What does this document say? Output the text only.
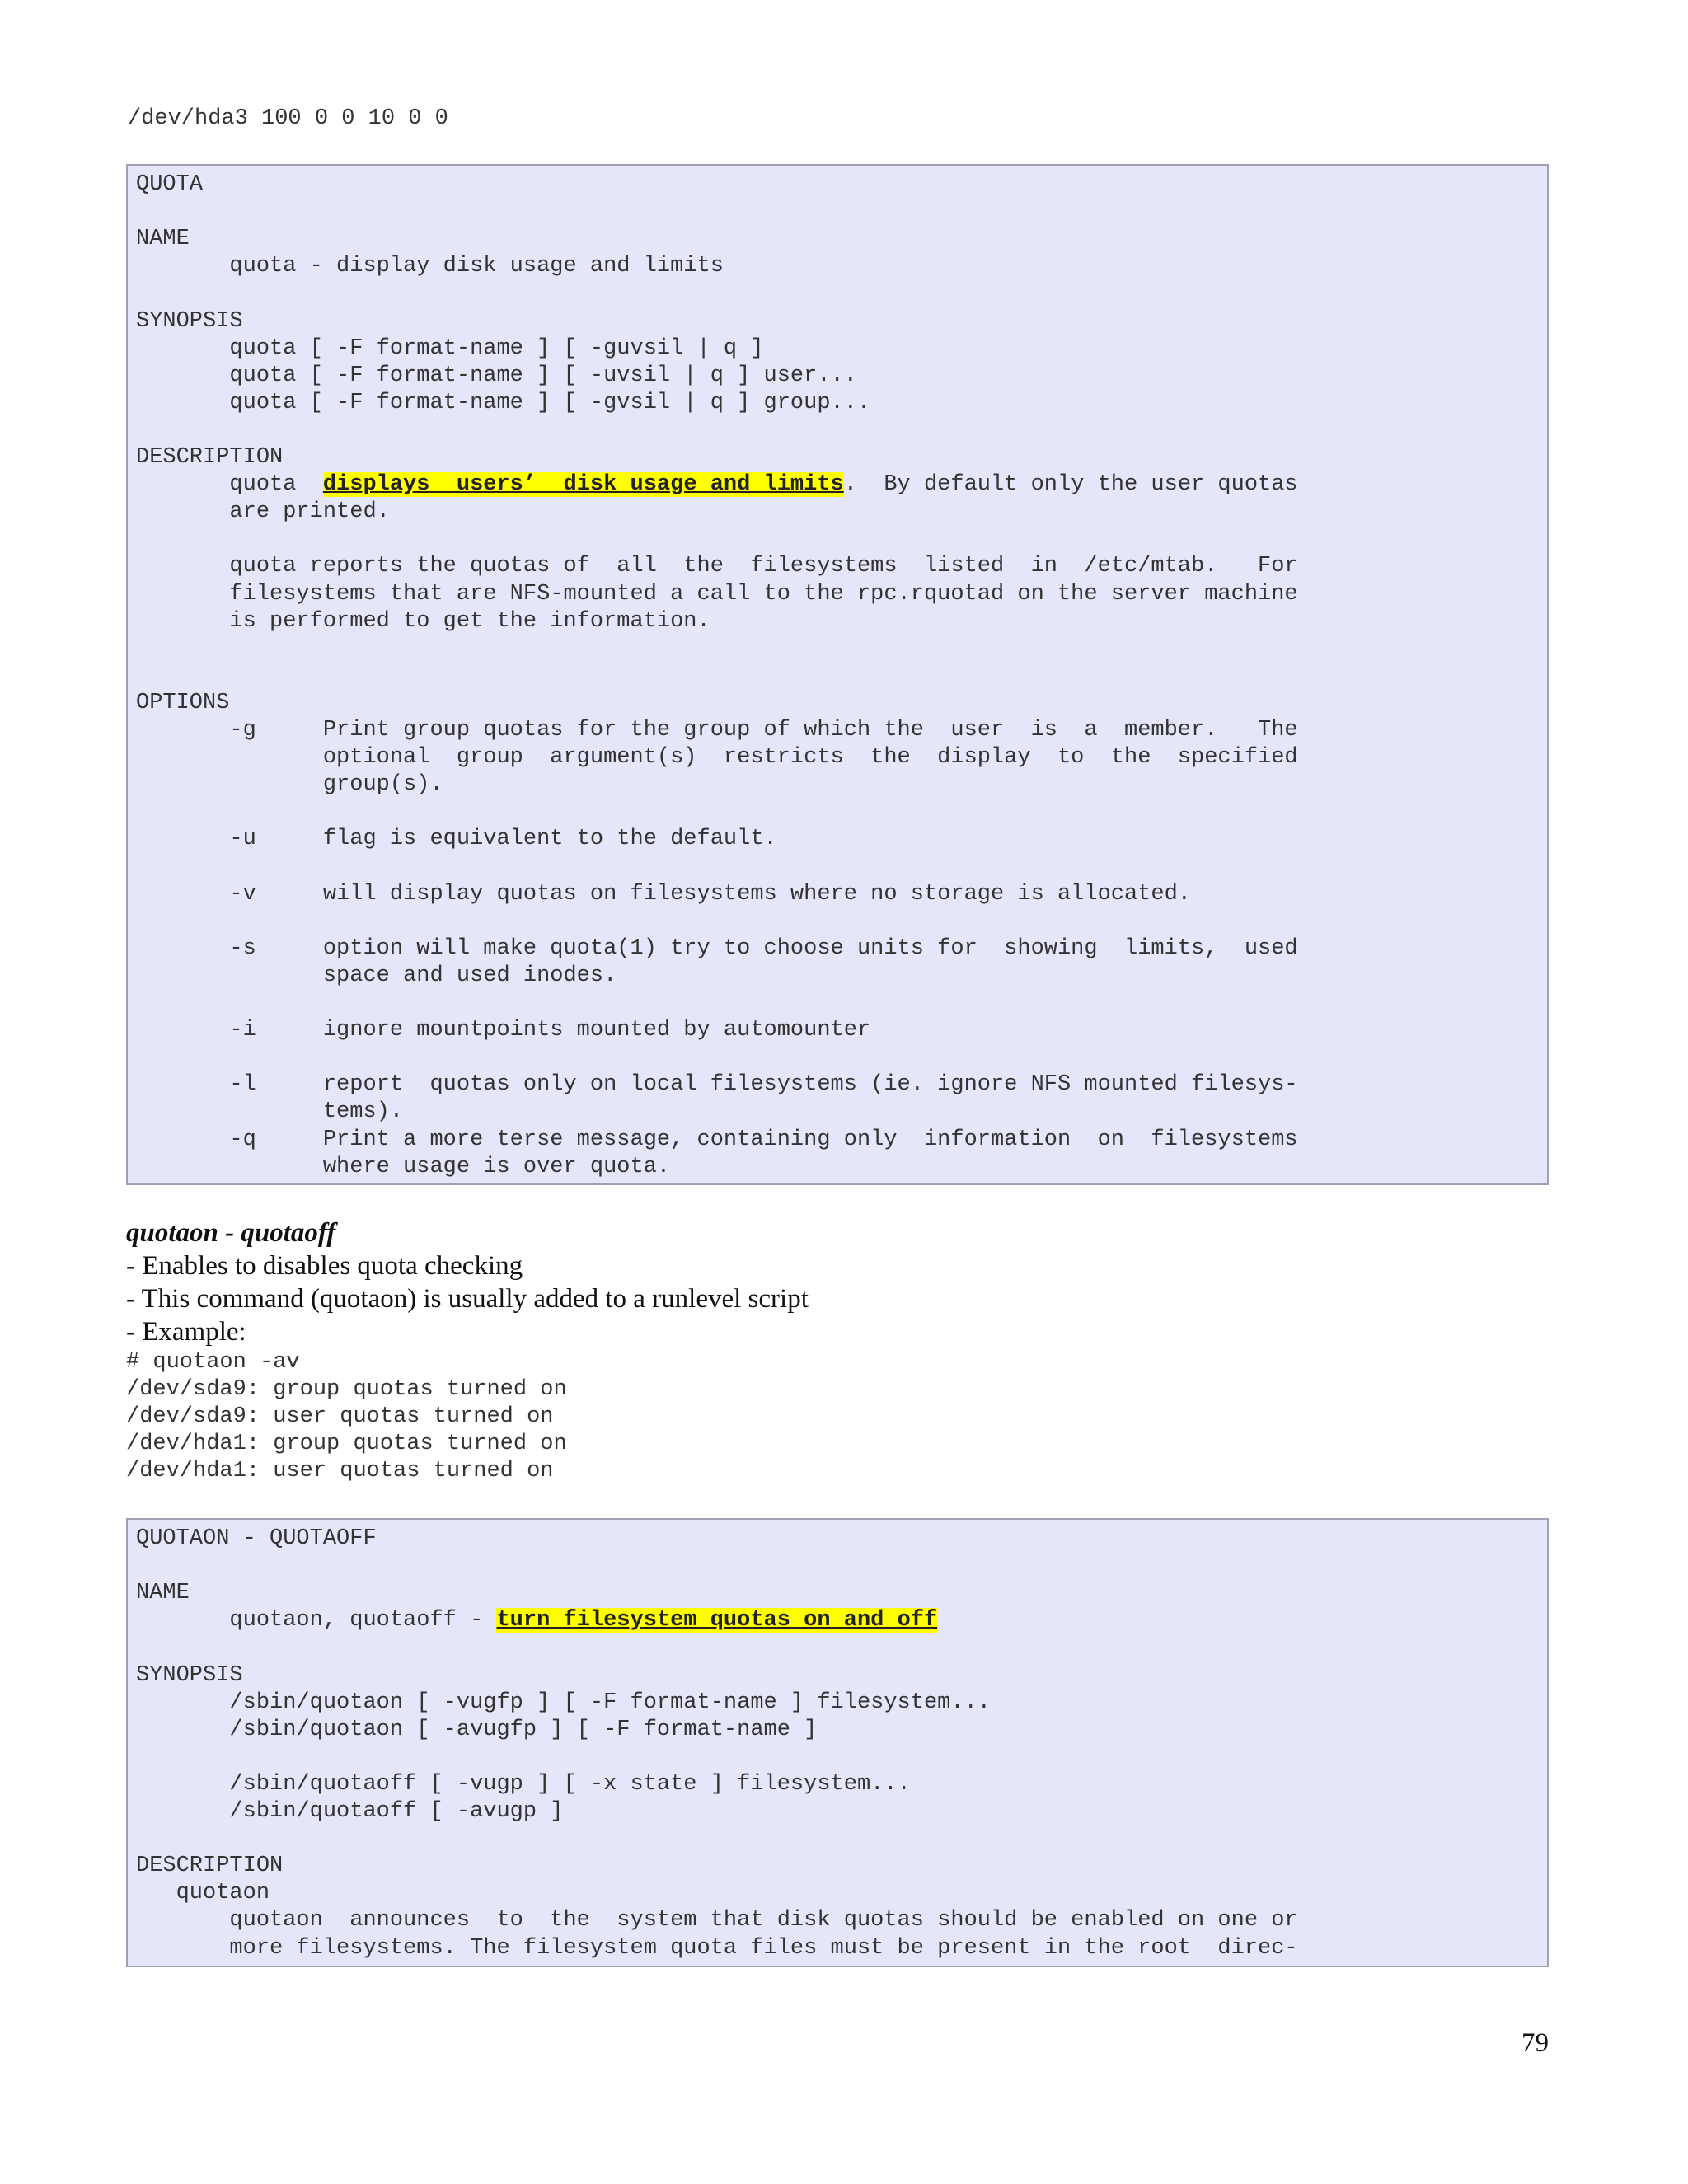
/dev/hda3 100 0 0 10 0 0
QUOTA
NAME
quota - display disk usage and limits
SYNOPSIS
quota [ -F format-name ] [ -guvsil | q ]
quota [ -F format-name ] [ -uvsil | q ] user...
quota [ -F format-name ] [ -gvsil | q ] group...
DESCRIPTION
quota  displays  users’  disk usage and limits.  By default only the user quotas
are printed.
quota reports the quotas of  all  the  filesystems  listed  in  /etc/mtab.   For
filesystems that are NFS-mounted a call to the rpc.rquotad on the server machine
is performed to get the information.
OPTIONS
-g     Print group quotas for the group of which the  user  is  a  member.   The
optional  group  argument(s)  restricts  the  display  to  the  specified
group(s).
-u     flag is equivalent to the default.
-v     will display quotas on filesystems where no storage is allocated.
-s     option will make quota(1) try to choose units for  showing  limits,  used
space and used inodes.
-i     ignore mountpoints mounted by automounter
-l     report  quotas only on local filesystems (ie. ignore NFS mounted filesys-
tems).
-q     Print a more terse message, containing only  information  on  filesystems
where usage is over quota.
quotaon - quotaoff
- Enables to disables quota checking
- This command (quotaon) is usually added to a runlevel script
- Example:
# quotaon -av
/dev/sda9: group quotas turned on
/dev/sda9: user quotas turned on
/dev/hda1: group quotas turned on
/dev/hda1: user quotas turned on
QUOTAON - QUOTAOFF
NAME
quotaon, quotaoff - turn filesystem quotas on and off
SYNOPSIS
/sbin/quotaon [ -vugfp ] [ -F format-name ] filesystem...
/sbin/quotaon [ -avugfp ] [ -F format-name ]
/sbin/quotaoff [ -vugp ] [ -x state ] filesystem...
/sbin/quotaoff [ -avugp ]
DESCRIPTION
quotaon
quotaon  announces  to  the  system that disk quotas should be enabled on one or
more filesystems. The filesystem quota files must be present in the root  direc-
79
